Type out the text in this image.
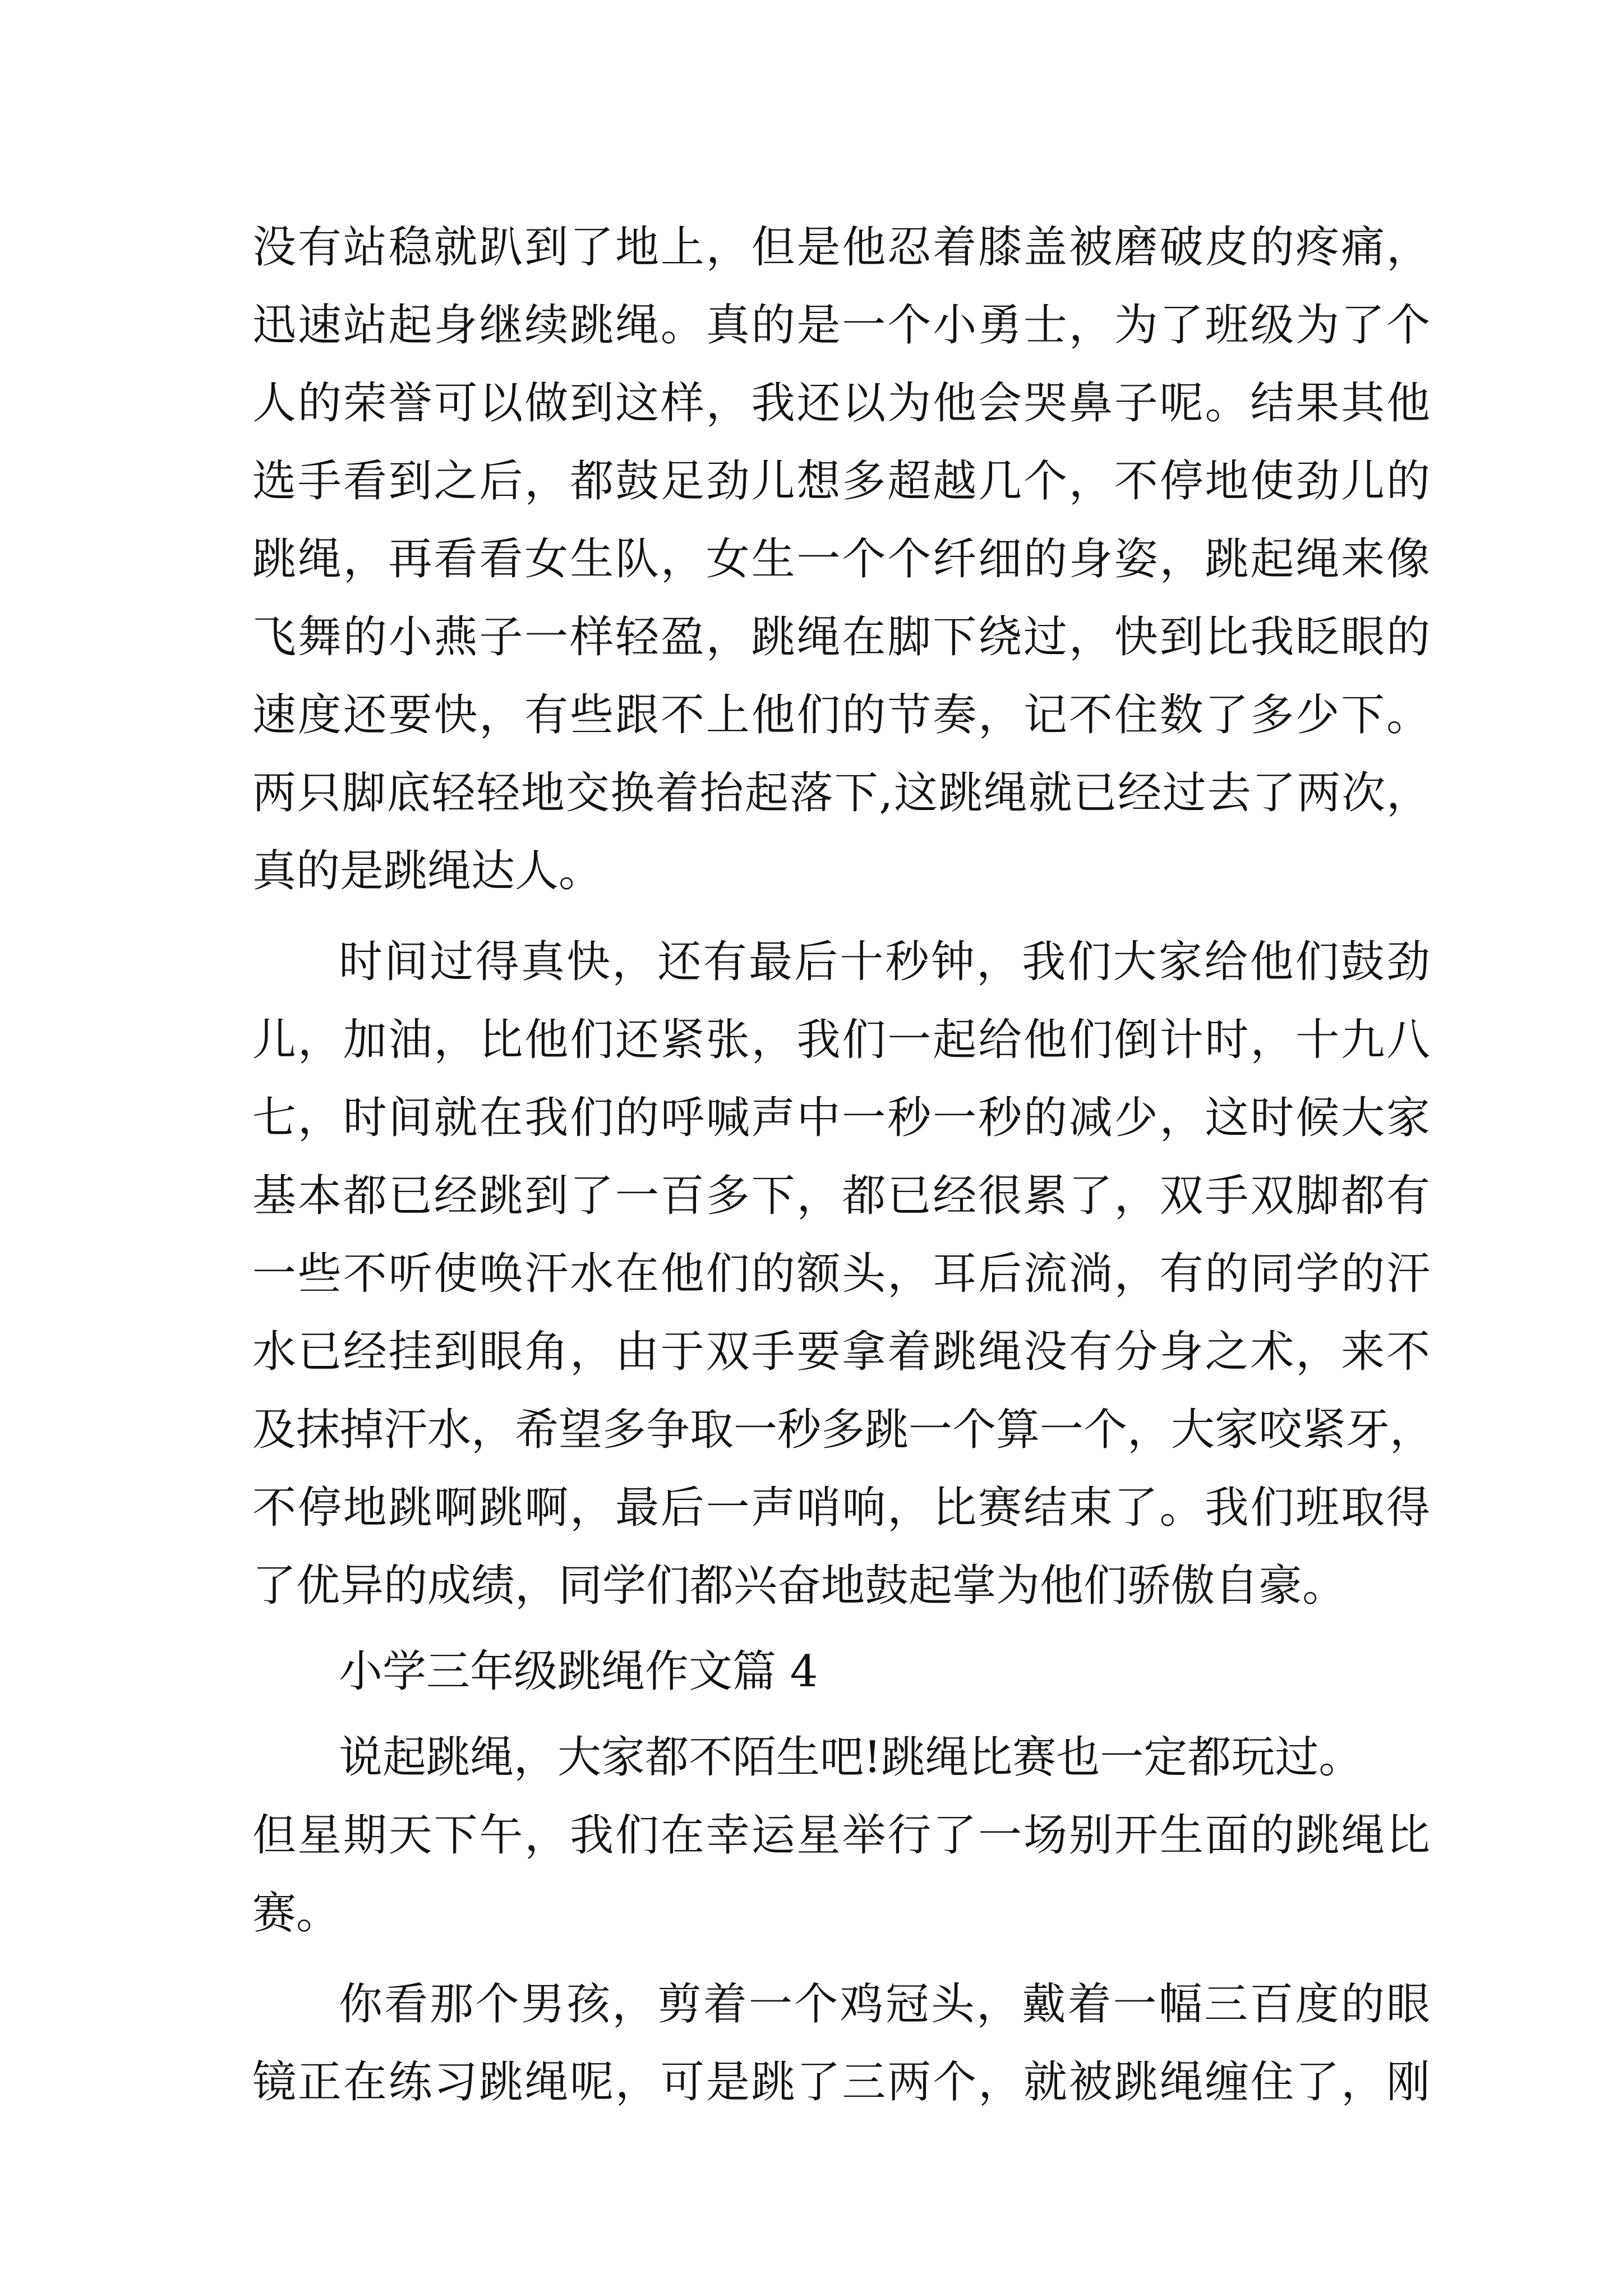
没有站稳就趴到了地上，但是他忍着膝盖被磨破皮的疼痛，
迅速站起身继续跳绳。真的是一个小勇士，为了班级为了个
人的荣誉可以做到这样，我还以为他会哭鼻子呢。结果其他
选手看到之后，都鼓足劲儿想多超越几个，不停地使劲儿的
跳绳，再看看女生队，女生一个个纤细的身姿，跳起绳来像
飞舞的小燕子一样轻盈，跳绳在脚下绕过，快到比我眨眼的
速度还要快，有些跟不上他们的节奏，记不住数了多少下。
两只脚底轻轻地交换着抬起落下,这跳绳就已经过去了两次，
真的是跳绳达人。
时间过得真快，还有最后十秒钟，我们大家给他们鼓劲
儿，加油，比他们还紧张，我们一起给他们倒计时，十九八
七，时间就在我们的呼喊声中一秒一秒的减少，这时候大家
基本都已经跳到了一百多下，都已经很累了，双手双脚都有
一些不听使唤汗水在他们的额头，耳后流淌，有的同学的汗
水已经挂到眼角，由于双手要拿着跳绳没有分身之术，来不
及抹掉汗水，希望多争取一秒多跳一个算一个，大家咬紧牙，
不停地跳啊跳啊，最后一声哨响，比赛结束了。我们班取得
了优异的成绩，同学们都兴奋地鼓起掌为他们骄傲自豪。
小学三年级跳绳作文篇 4
说起跳绳，大家都不陌生吧!跳绳比赛也一定都玩过。
但星期天下午，我们在幸运星举行了一场别开生面的跳绳比
赛。
你看那个男孩，剪着一个鸡冠头，戴着一幅三百度的眼
镜正在练习跳绳呢，可是跳了三两个，就被跳绳缠住了，刚
